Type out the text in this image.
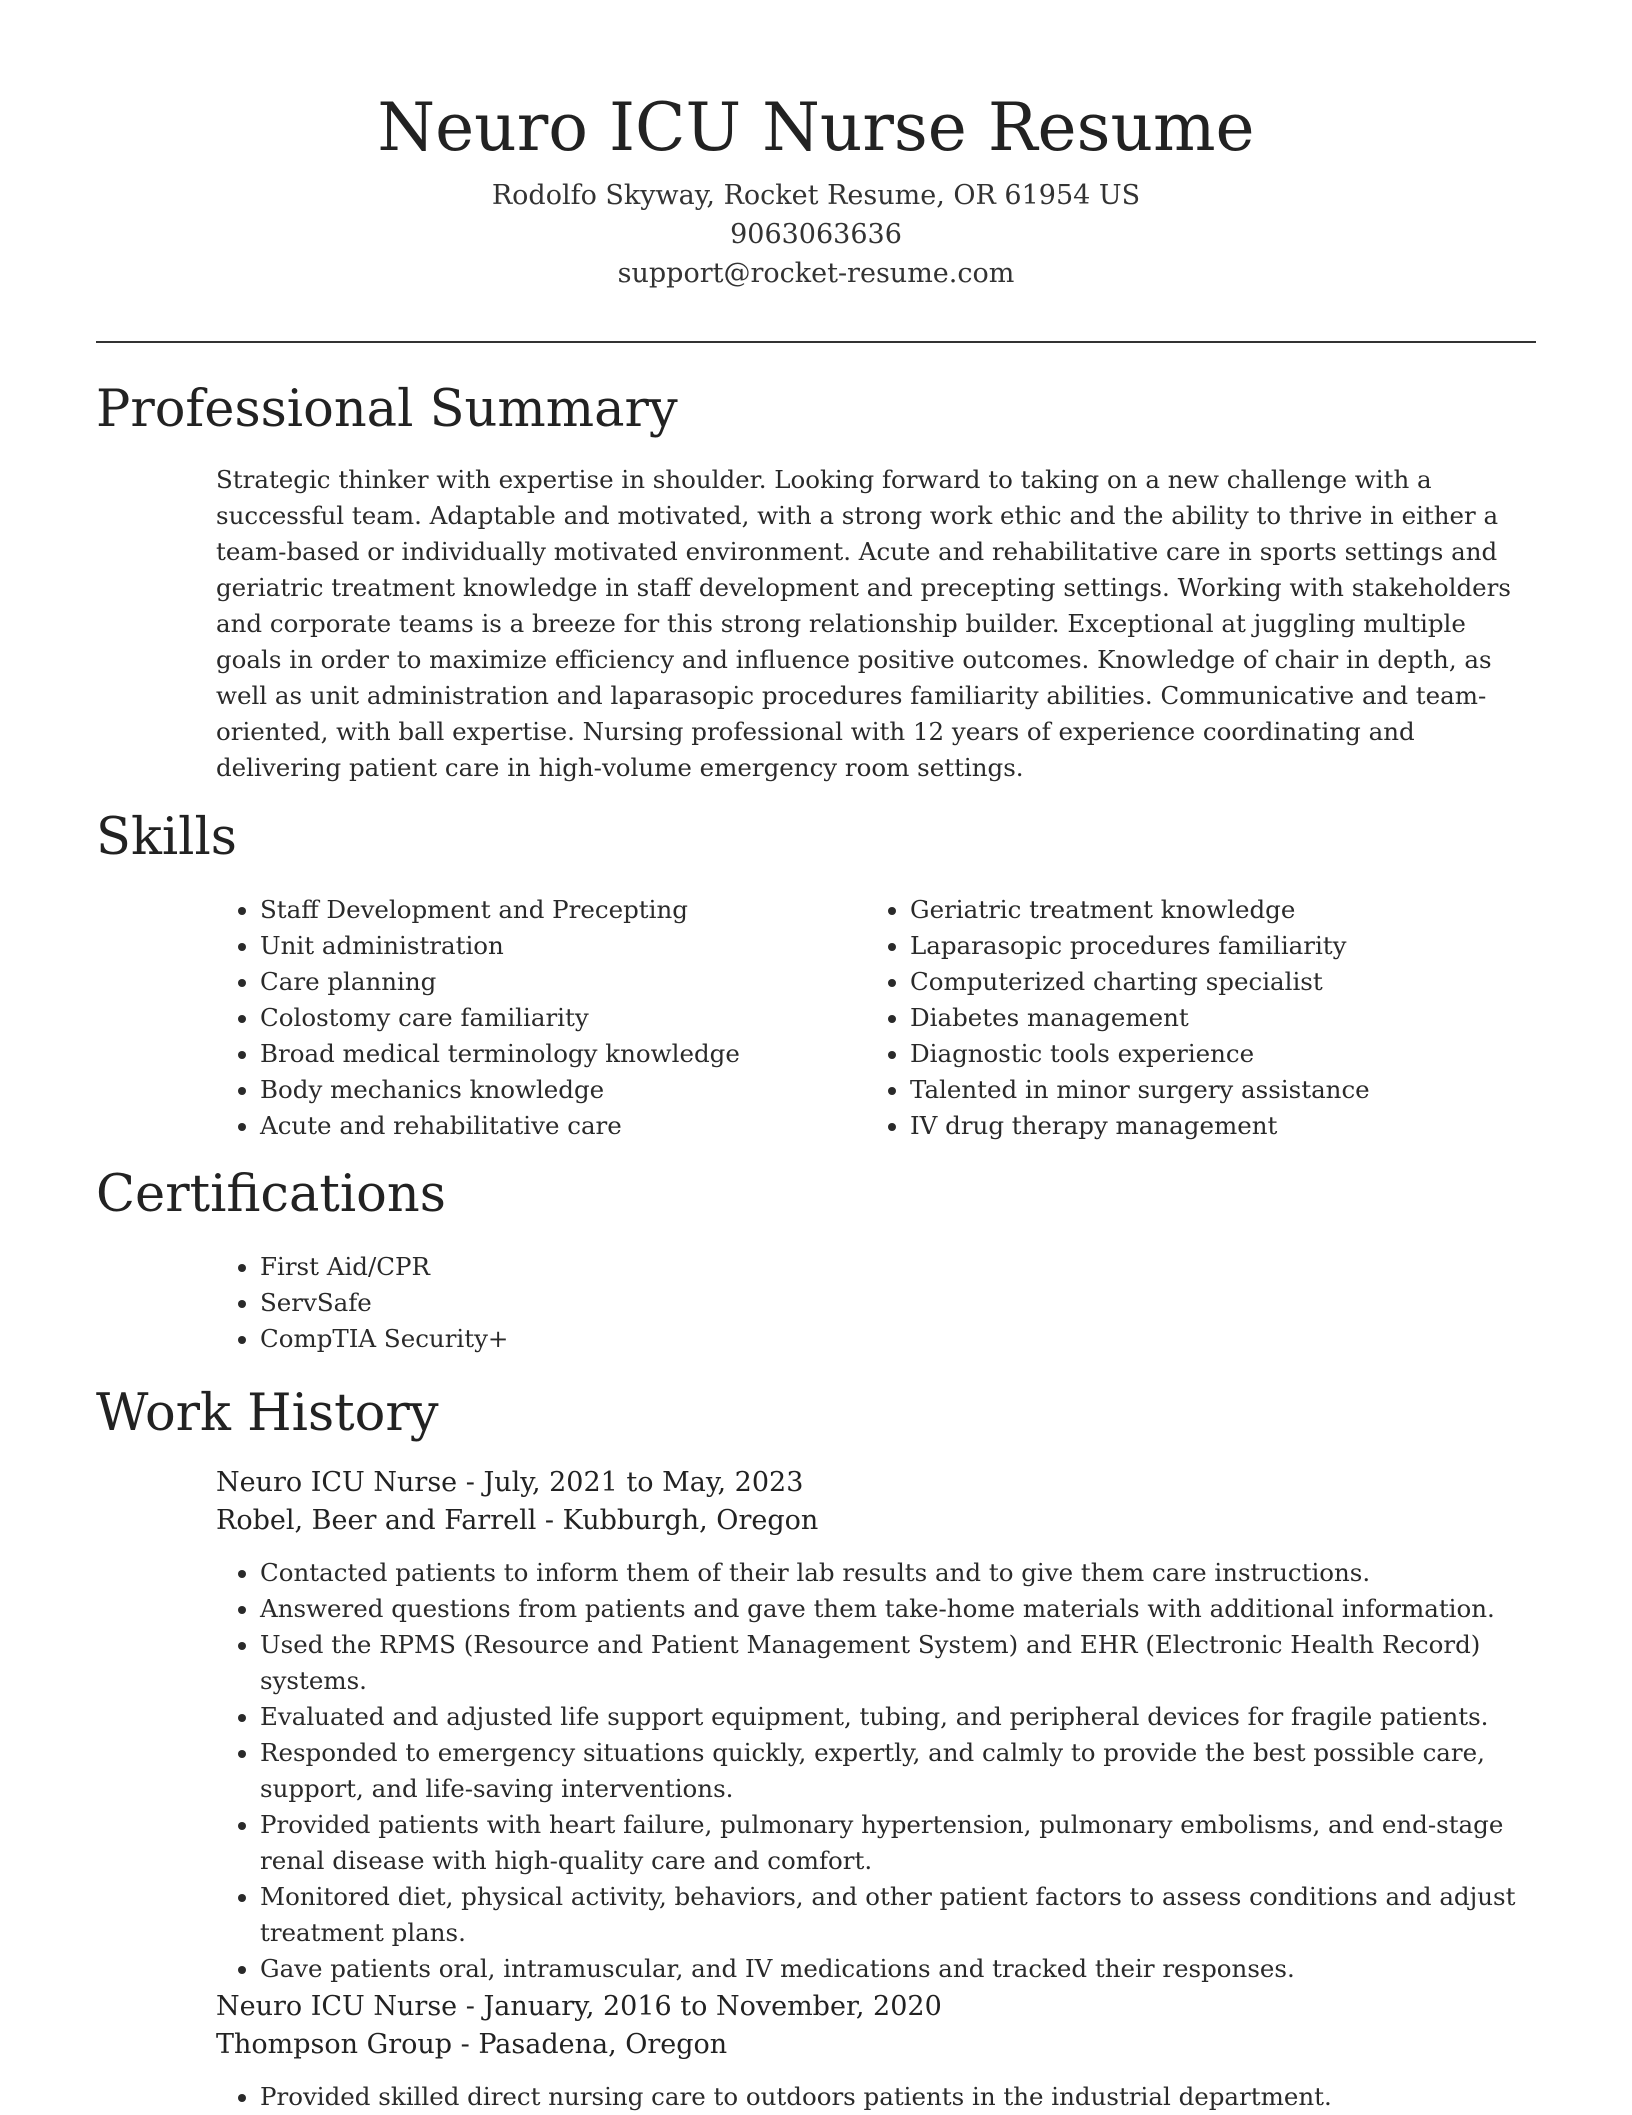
Neuro ICU Nurse Resume
Rodolfo Skyway, Rocket Resume, OR 61954 US
9063063636
support@rocket-resume.com
Professional Summary
Strategic thinker with expertise in shoulder. Looking forward to taking on a new challenge with a successful team. Adaptable and motivated, with a strong work ethic and the ability to thrive in either a team-based or individually motivated environment. Acute and rehabilitative care in sports settings and geriatric treatment knowledge in staff development and precepting settings. Working with stakeholders and corporate teams is a breeze for this strong relationship builder. Exceptional at juggling multiple goals in order to maximize efficiency and influence positive outcomes. Knowledge of chair in depth, as well as unit administration and laparasopic procedures familiarity abilities. Communicative and team-oriented, with ball expertise. Nursing professional with 12 years of experience coordinating and delivering patient care in high-volume emergency room settings.
Skills
• Staff Development and Precepting
• Unit administration
• Care planning
• Colostomy care familiarity
• Broad medical terminology knowledge
• Body mechanics knowledge
• Acute and rehabilitative care
• Geriatric treatment knowledge
• Laparasopic procedures familiarity
• Computerized charting specialist
• Diabetes management
• Diagnostic tools experience
• Talented in minor surgery assistance
• IV drug therapy management
Certifications
• First Aid/CPR
• ServSafe
• CompTIA Security+
Work History
Neuro ICU Nurse - July, 2021 to May, 2023
Robel, Beer and Farrell - Kubburgh, Oregon
• Contacted patients to inform them of their lab results and to give them care instructions.
• Answered questions from patients and gave them take-home materials with additional information.
• Used the RPMS (Resource and Patient Management System) and EHR (Electronic Health Record) systems.
• Evaluated and adjusted life support equipment, tubing, and peripheral devices for fragile patients.
• Responded to emergency situations quickly, expertly, and calmly to provide the best possible care, support, and life-saving interventions.
• Provided patients with heart failure, pulmonary hypertension, pulmonary embolisms, and end-stage renal disease with high-quality care and comfort.
• Monitored diet, physical activity, behaviors, and other patient factors to assess conditions and adjust treatment plans.
• Gave patients oral, intramuscular, and IV medications and tracked their responses.
Neuro ICU Nurse - January, 2016 to November, 2020
Thompson Group - Pasadena, Oregon
• Provided skilled direct nursing care to outdoors patients in the industrial department.
